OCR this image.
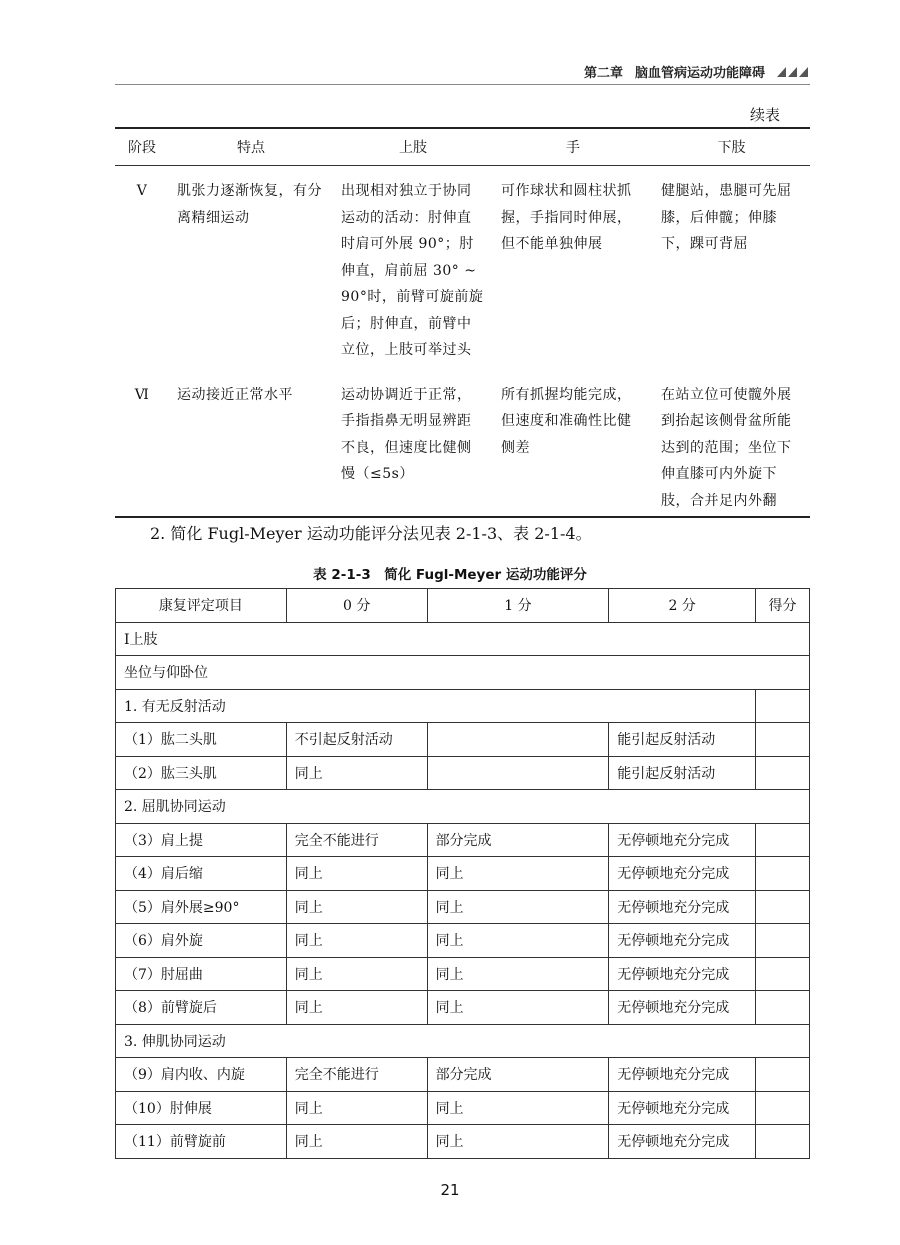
第二章 脑血管病运动功能障碍
续表
阶段	特点	上肢	手	下肢
Ⅴ	肌张力逐渐恢复，有分离精细运动	出现相对独立于协同运动的活动：肘伸直时肩可外展 90°；肘伸直，肩前屈 30° ~ 90°时，前臂可旋前旋后；肘伸直，前臂中立位，上肢可举过头	可作球状和圆柱状抓握，手指同时伸展，但不能单独伸展	健腿站，患腿可先屈膝，后伸髋；伸膝下，踝可背屈
Ⅵ	运动接近正常水平	运动协调近于正常，手指指鼻无明显辨距不良，但速度比健侧慢（≤5s）	所有抓握均能完成，但速度和准确性比健侧差	在站立位可使髋外展到抬起该侧骨盆所能达到的范围；坐位下伸直膝可内外旋下肢，合并足内外翻
2. 简化 Fugl-Meyer 运动功能评分法见表 2-1-3、表 2-1-4。
表 2-1-3　简化 Fugl-Meyer 运动功能评分
康复评定项目	0 分	1 分	2 分	得分
Ⅰ上肢				
坐位与仰卧位				
1. 有无反射活动				
（1）肱二头肌	不引起反射活动		能引起反射活动	
（2）肱三头肌	同上		能引起反射活动	
2. 屈肌协同运动				
（3）肩上提	完全不能进行	部分完成	无停顿地充分完成	
（4）肩后缩	同上	同上	无停顿地充分完成	
（5）肩外展≥90°	同上	同上	无停顿地充分完成	
（6）肩外旋	同上	同上	无停顿地充分完成	
（7）肘屈曲	同上	同上	无停顿地充分完成	
（8）前臂旋后	同上	同上	无停顿地充分完成	
3. 伸肌协同运动				
（9）肩内收、内旋	完全不能进行	部分完成	无停顿地充分完成	
（10）肘伸展	同上	同上	无停顿地充分完成	
（11）前臂旋前	同上	同上	无停顿地充分完成	
21
